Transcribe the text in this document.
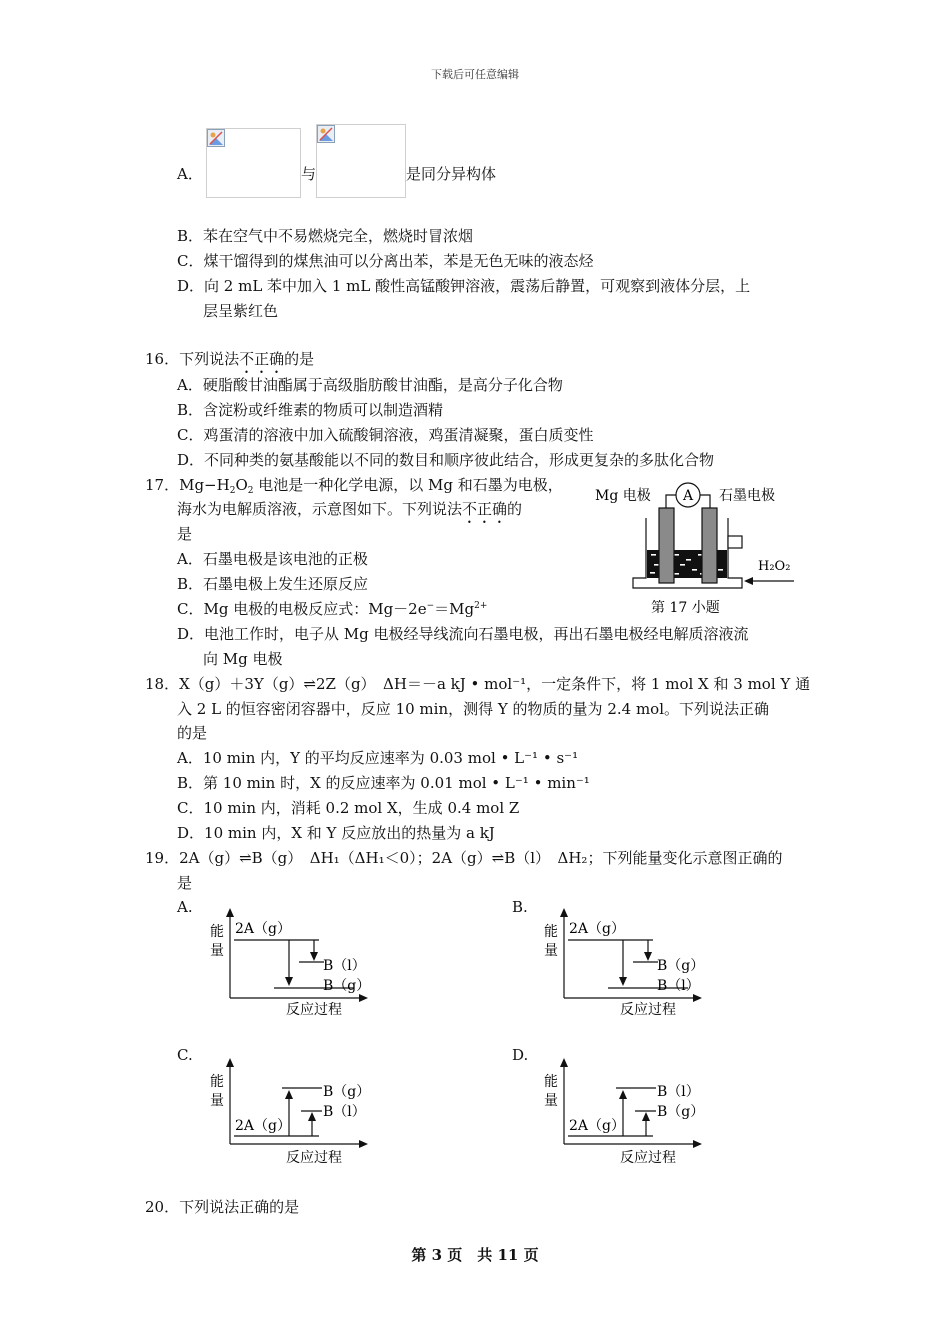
下载后可任意编辑
A．	与	是同分异构体
B．苯在空气中不易燃烧完全，燃烧时冒浓烟
C．煤干馏得到的煤焦油可以分离出苯，苯是无色无味的液态烃
D．向 2 mL 苯中加入 1 mL 酸性高锰酸钾溶液，震荡后静置，可观察到液体分层，上
层呈紫红色
16．下列说法不正确的是
A．硬脂酸甘油酯属于高级脂肪酸甘油酯，是高分子化合物
B．含淀粉或纤维素的物质可以制造酒精
C．鸡蛋清的溶液中加入硫酸铜溶液，鸡蛋清凝聚，蛋白质变性
D．不同种类的氨基酸能以不同的数目和顺序彼此结合，形成更复杂的多肽化合物
17．$Mg-H_2O_2$ 电池是一种化学电源，以 Mg 和石墨为电极，
海水为电解质溶液，示意图如下。下列说法不正确的
是
A．石墨电极是该电池的正极
B．石墨电极上发生还原反应
C．Mg 电极的电极反应式：$Mg-2e^-=Mg^{2+}$
D．电池工作时，电子从 Mg 电极经导线流向石墨电极，再出石墨电极经电解质溶液流
向 Mg 电极
Mg 电极 A 石墨电极
H₂O₂
第 17 小题
18．X（g）＋3Y（g）⇌2Z（g）　ΔH＝－a kJ • mol⁻¹，一定条件下，将 1 mol X 和 3 mol Y 通
入 2 L 的恒容密闭容器中，反应 10 min，测得 Y 的物质的量为 2.4 mol。下列说法正确
的是
A．10 min 内，Y 的平均反应速率为 0.03 mol • L⁻¹ • s⁻¹
B．第 10 min 时，X 的反应速率为 0.01 mol • L⁻¹ • min⁻¹
C．10 min 内，消耗 0.2 mol X，生成 0.4 mol Z
D．10 min 内，X 和 Y 反应放出的热量为 a kJ
19．2A（g）⇌B（g）　ΔH₁（ΔH₁＜0）；2A（g）⇌B（l）　ΔH₂；下列能量变化示意图正确的
是
A.
能
量
2A（g）
B（l）
B（g）
反应过程
B.
能
量
2A（g）
B（g）
B（l）
反应过程
C.
能
量
B（g）
B（l）
2A（g）
反应过程
D.
能
量
B（l）
B（g）
2A（g）
反应过程
20．下列说法正确的是
第 3 页　共 11 页
